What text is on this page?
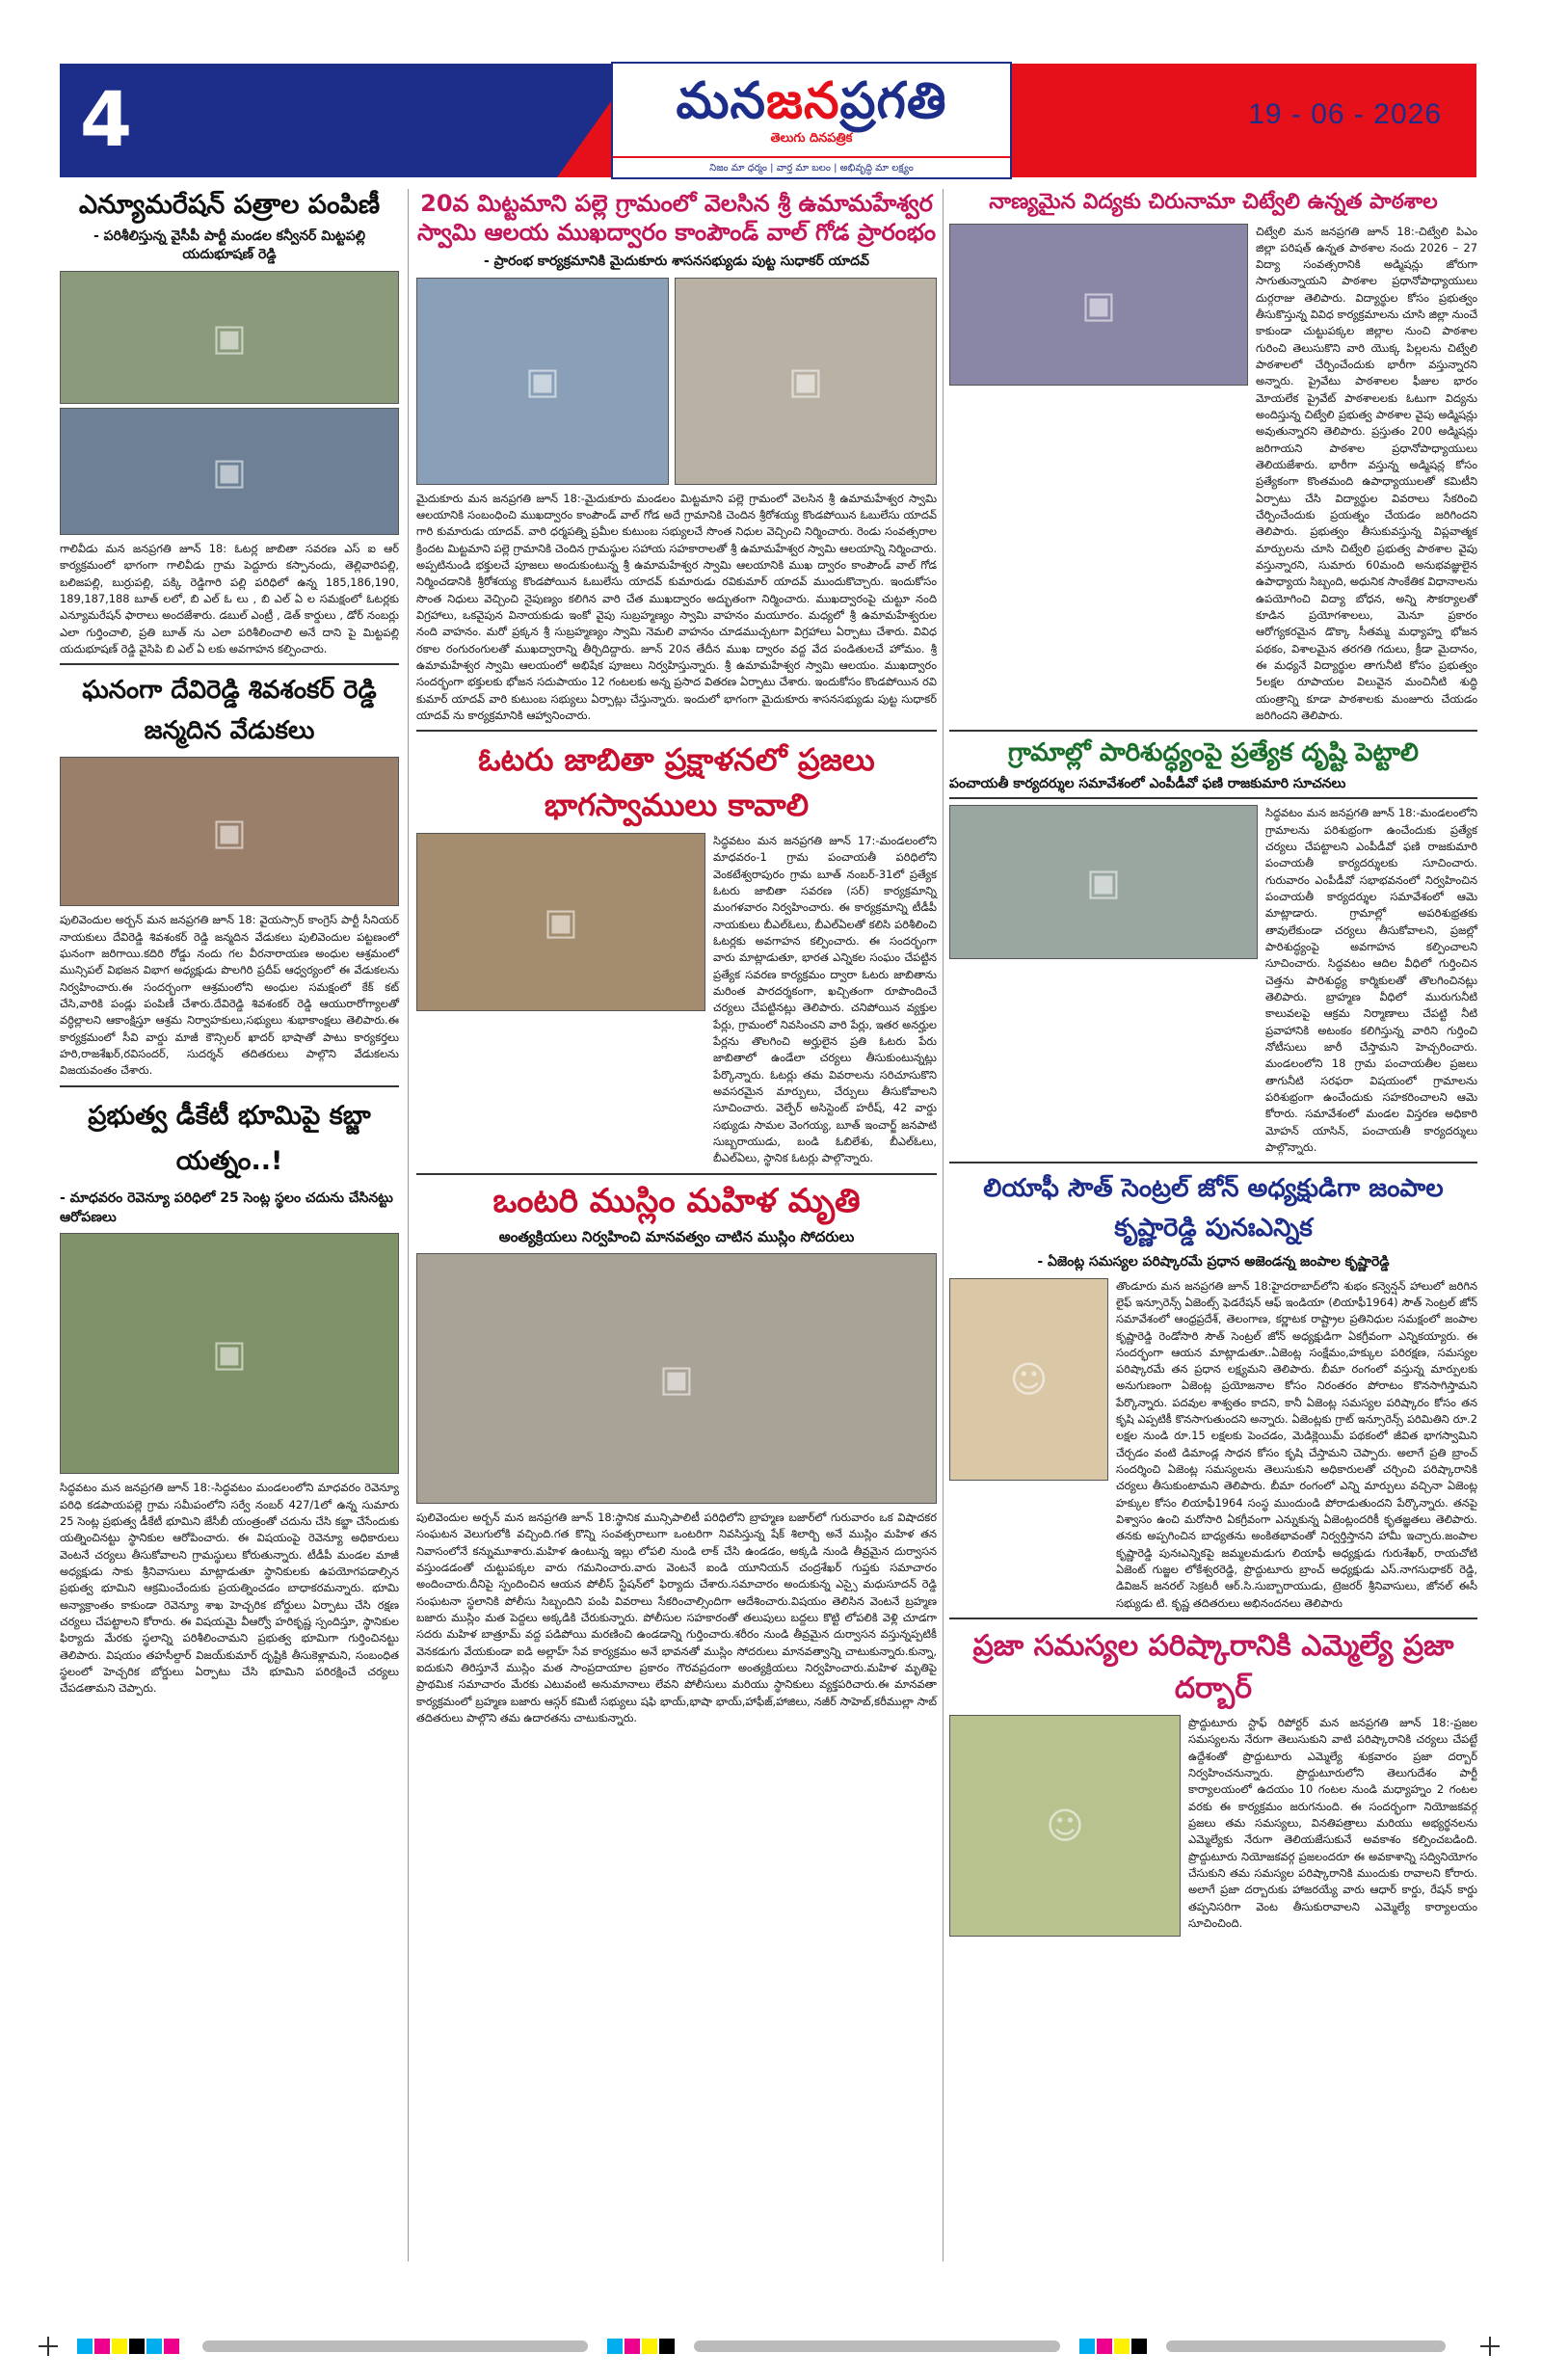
4	మనజనప్రగతి
తెలుగు దినపత్రిక
నిజం మా ధర్మం | వార్త మా బలం | అభివృద్ధి మా లక్ష్యం
19 - 06 - 2026
ఎన్యూమరేషన్ పత్రాల పంపిణీ
- పరిశీలిస్తున్న వైసీపీ పార్టీ మండల కన్వీనర్ మిట్టపల్లి యదుభూషణ్ రెడ్డి
▣
▣

గాలివీడు మన జనప్రగతి జూన్ 18: ఓటర్ల జాబితా సవరణ ఎస్ ఐ ఆర్ కార్యక్రమంలో భాగంగా గాలివీడు గ్రామ పెద్దూరు కస్పానందు, తెల్లివారిపల్లి, బలిజపల్లి, బుర్రుపల్లి, పక్కి రెడ్డిగారి పల్లి పరిధిలో ఉన్న 185,186,190, 189,187,188 బూత్ లలో, బి ఎల్ ఓ లు , బి ఎల్ ఏ ల సమక్షంలో ఓటర్లకు ఎన్యూమరేషన్ ఫారాలు అందజేశారు. డబుల్ ఎంట్రీ , డెత్ కార్డులు , డోర్ నంబర్లు ఎలా గుర్తించాలి, ప్రతి బూత్ ను ఎలా పరిశీలించాలి అనే దాని పై మిట్టపల్లి యదుభూషణ్ రెడ్డి వైసిపి బి ఎల్ ఏ లకు అవగాహన కల్పించారు.

ఘనంగా దేవిరెడ్డి శివశంకర్ రెడ్డి జన్మదిన వేడుకలు
▣

పులివెందుల అర్బన్ మన జనప్రగతి జూన్ 18: వైయస్సార్ కాంగ్రెస్ పార్టీ సీనియర్ నాయకులు దేవిరెడ్డి శివశంకర్ రెడ్డి జన్మదిన వేడుకలు పులివెందుల పట్టణంలో ఘనంగా జరిగాయి.కదిరి రోడ్డు నందు గల వీరనారాయణ అంధుల ఆశ్రమంలో మున్సిపల్ విభజన విభాగ అధ్యక్షుడు పొలగిరి ప్రదీప్ ఆధ్వర్యంలో ఈ వేడుకలను నిర్వహించారు.ఈ సందర్భంగా ఆశ్రమంలోని అంధుల సమక్షంలో కేక్ కట్ చేసి,వారికి పండ్లు పంపిణీ చేశారు.దేవిరెడ్డి శివశంకర్ రెడ్డి ఆయురారోగ్యాలతో వర్ధిల్లాలని ఆకాంక్షిస్తూ ఆశ్రమ నిర్వాహకులు,సభ్యులు శుభాకాంక్షలు తెలిపారు.ఈ కార్యక్రమంలో సీవి వార్డు మాజీ కౌన్సిలర్ ఖాదర్ భాషాతో పాటు కార్యకర్తలు హరి,రాజశేఖర్,రవిసందర్, సుదర్శన్ తదితరులు పాల్గొని వేడుకలను విజయవంతం చేశారు.

ప్రభుత్వ డీకేటీ భూమిపై కబ్జా యత్నం..!
- మాధవరం రెవెన్యూ పరిధిలో 25 సెంట్ల స్థలం చదును చేసినట్టు ఆరోపణలు
▣

సిద్ధవటం మన జనప్రగతి జూన్ 18:-సిద్ధవటం మండలంలోని మాధవరం రెవెన్యూ పరిధి కడపాయపల్లె గ్రామ సమీపంలోని సర్వే నంబర్ 427/1లో ఉన్న సుమారు 25 సెంట్ల ప్రభుత్వ డీకేటీ భూమిని జేసీబీ యంత్రంతో చదును చేసి కబ్జా చేసేందుకు యత్నించినట్టు స్థానికుల ఆరోపించారు. ఈ విషయంపై రెవెన్యూ అధికారులు వెంటనే చర్యలు తీసుకోవాలని గ్రామస్థులు కోరుతున్నారు. టీడీపీ మండల మాజీ అధ్యక్షుడు సాకు శ్రీనివాసులు మాట్లాడుతూ స్థానికులకు ఉపయోగపడాల్సిన ప్రభుత్వ భూమిని ఆక్రమించేందుకు ప్రయత్నించడం బాధాకరమన్నారు. భూమి అన్యాక్రాంతం కాకుండా రెవెన్యూ శాఖ హెచ్చరిక బోర్డులు ఏర్పాటు చేసి రక్షణ చర్యలు చేపట్టాలని కోరారు. ఈ విషయమై వీఆర్వో హరికృష్ణ స్పందిస్తూ, స్థానికుల ఫిర్యాదు మేరకు స్థలాన్ని పరిశీలించామని ప్రభుత్వ భూమిగా గుర్తించినట్టు తెలిపారు. విషయం తహసీల్దార్ విజయ్‌కుమార్ దృష్టికి తీసుకెళ్లామని, సంబంధిత స్థలంలో హెచ్చరిక బోర్డులు ఏర్పాటు చేసి భూమిని పరిరక్షించే చర్యలు చేపడతామని చెప్పారు.

20వ మిట్టమాని పల్లె గ్రామంలో వెలసిన శ్రీ ఉమామహేశ్వర స్వామి ఆలయ ముఖద్వారం కాంపౌండ్ వాల్ గోడ ప్రారంభం
- ప్రారంభ కార్యక్రమానికి మైదుకూరు శాసనసభ్యుడు పుట్ట సుధాకర్ యాదవ్
▣	▣

మైదుకూరు మన జనప్రగతి జూన్ 18:-మైదుకూరు మండలం మిట్టమాని పల్లె గ్రామంలో వెలసిన శ్రీ ఉమామహేశ్వర స్వామి ఆలయానికి సంబంధించి ముఖద్వారం కాంపౌండ్ వాల్ గోడ అదే గ్రామానికి చెందిన శ్రీరోశయ్య కొండపోయిన ఓబులేసు యాదవ్ గారి కుమారుడు యాదవ్. వారి ధర్మపత్ని ప్రమీల కుటుంబ సభ్యులచే సొంత నిధుల వెచ్చించి నిర్మించారు. రెండు సంవత్సరాల క్రిందట మిట్టమాని పల్లె గ్రామానికి చెందిన గ్రామస్థుల సహాయ సహకారాలతో శ్రీ ఉమామహేశ్వర స్వామి ఆలయాన్ని నిర్మించారు. అప్పటినుండి భక్తులచే పూజలు అందుకుంటున్న శ్రీ ఉమామహేశ్వర స్వామి ఆలయానికి ముఖ ద్వారం కాంపౌండ్ వాల్ గోడ నిర్మించడానికి శ్రీరోశయ్య కొండపోయిన ఓబులేసు యాదవ్ కుమారుడు రవికుమార్ యాదవ్ ముందుకొచ్చారు. ఇందుకోసం సొంత నిధులు వెచ్చించి నైపుణ్యం కలిగిన వారి చేత ముఖద్వారం అద్భుతంగా నిర్మించారు. ముఖద్వారంపై చుట్టూ నంది విగ్రహాలు, ఒకవైపున వినాయకుడు ఇంకో వైపు సుబ్రహ్మణ్యం స్వామి వాహనం మయూరం. మధ్యలో శ్రీ ఉమామహేశ్వరుల నంది వాహనం. మరో ప్రక్కన శ్రీ సుబ్రహ్మణ్యం స్వామి నెమలి వాహనం చూడముచ్చటగా విగ్రహాలు ఏర్పాటు చేశారు. వివిధ రకాల రంగురంగులతో ముఖద్వారాన్ని తీర్చిదిద్దారు. జూన్ 20న తేదీన ముఖ ద్వారం వద్ద వేద పండితులచే హోమం. శ్రీ ఉమామహేశ్వర స్వామి ఆలయంలో అభిషేక పూజలు నిర్వహిస్తున్నారు. శ్రీ ఉమామహేశ్వర స్వామి ఆలయం. ముఖద్వారం సందర్భంగా భక్తులకు భోజన సదుపాయం 12 గంటలకు అన్న ప్రసాద వితరణ ఏర్పాటు చేశారు. ఇందుకోసం కొండపోయిన రవి కుమార్ యాదవ్ వారి కుటుంబ సభ్యులు ఏర్పాట్లు చేస్తున్నారు. ఇందులో భాగంగా మైదుకూరు శాసనసభ్యుడు పుట్ట సుధాకర్ యాదవ్ ను కార్యక్రమానికి ఆహ్వానించారు.

ఓటరు జాబితా ప్రక్షాళనలో ప్రజలు భాగస్వాములు కావాలి
▣

సిద్ధవటం మన జనప్రగతి జూన్ 17:-మండలంలోని మాధవరం-1 గ్రామ పంచాయతీ పరిధిలోని వెంకటేశ్వరాపురం గ్రామ బూత్ నంబర్-31లో ప్రత్యేక ఓటరు జాబితా సవరణ (సర్) కార్యక్రమాన్ని మంగళవారం నిర్వహించారు. ఈ కార్యక్రమాన్ని టీడీపీ నాయకులు బీఎల్ఓలు, బీఎల్ఏలతో కలిసి పరిశీలించి ఓటర్లకు అవగాహన కల్పించారు. ఈ సందర్భంగా వారు మాట్లాడుతూ, భారత ఎన్నికల సంఘం చేపట్టిన ప్రత్యేక సవరణ కార్యక్రమం ద్వారా ఓటరు జాబితాను మరింత పారదర్శకంగా, ఖచ్చితంగా రూపొందించే చర్యలు చేపట్టినట్లు తెలిపారు. చనిపోయిన వ్యక్తుల పేర్లు, గ్రామంలో నివసించని వారి పేర్లు, ఇతర అనర్హుల పేర్లను తొలగించి అర్హులైన ప్రతి ఓటరు పేరు జాబితాలో ఉండేలా చర్యలు తీసుకుంటున్నట్లు పేర్కొన్నారు. ఓటర్లు తమ వివరాలను సరిచూసుకొని అవసరమైన మార్పులు, చేర్పులు తీసుకోవాలని సూచించారు. వెల్ఫేర్ అసిస్టెంట్ హరీష్, 42 వార్డు సభ్యుడు సామల వెంగయ్య, బూత్ ఇంచార్జ్ జనపాటి సుబ్బరాయుడు, బండి ఓబిలేశు, బీఎల్ఓలు, బీఎల్ఏలు, స్థానిక ఓటర్లు పాల్గొన్నారు.

ఒంటరి ముస్లిం మహిళ మృతి
అంత్యక్రియలు నిర్వహించి మానవత్వం చాటిన ముస్లిం సోదరులు
▣

పులివెందుల అర్బన్ మన జనప్రగతి జూన్ 18:స్థానిక మున్సిపాలిటీ పరిధిలోని బ్రాహ్మణ బజార్‌లో గురువారం ఒక విషాదకర సంఘటన వెలుగులోకి వచ్చింది.గత కొన్ని సంవత్సరాలుగా ఒంటరిగా నివసిస్తున్న షేక్ శిలార్బి అనే ముస్లిం మహిళ తన నివాసంలోనే కన్నుమూశారు.మహిళ ఉంటున్న ఇల్లు లోపలి నుండి లాక్ చేసి ఉండడం, అక్కడి నుండి తీవ్రమైన దుర్వాసన వస్తుండడంతో చుట్టుపక్కల వారు గమనించారు.వారు వెంటనే ఐండి యూనియన్ చంద్రశేఖర్ గుప్తకు సమాచారం అందించారు.దీనిపై స్పందించిన ఆయన పోలీస్ స్టేషన్‌లో ఫిర్యాదు చేశారు.సమాచారం అందుకున్న ఎస్సై మధుసూదన్ రెడ్డి సంఘటనా స్థలానికి పోలీసు సిబ్బందిని పంపి వివరాలు సేకరించాల్సిందిగా ఆదేశించారు.విషయం తెలిసిన వెంటనే బ్రహ్మణ బజారు ముస్లిం మత పెద్దలు అక్కడికి చేరుకున్నారు. పోలీసుల సహకారంతో తలుపులు బద్దలు కొట్టి లోపలికి వెళ్లి చూడగా సదరు మహిళ బాత్రూమ్ వద్ద పడిపోయి మరణించి ఉండడాన్ని గుర్తించారు.శరీరం నుండి తీవ్రమైన దుర్వాసన వస్తున్నప్పటికీ వెనకడుగు వేయకుండా ఐడి అల్లాహ్ సేవ కార్యక్రమం అనే భావనతో ముస్లిం సోదరులు మానవత్వాన్ని చాటుకున్నారు.కున్నా, ఐదుకుని తిరిస్తూనే ముస్లిం మత సాంప్రదాయాల ప్రకారం గౌరవప్రదంగా అంత్యక్రియలు నిర్వహించారు.మహిళ మృతిపై ప్రాథమిక సమాచారం మేరకు ఎటువంటి అనుమానాలు లేవని పోలీసులు మరియు స్థానికులు వ్యక్తపరిచారు.ఈ మానవతా కార్యక్రమంలో బ్రహ్మణ బజారు ఆస్గర్ కమిటీ సభ్యులు షఫి భాయ్,భాషా భాయ్,హాఫీజ్,హాజిలు, నజీర్ సాహెబ్,కరీముల్లా సాబ్ తదితరులు పాల్గొని తమ ఉదారతను చాటుకున్నారు.

నాణ్యమైన విద్యకు చిరునామా చిట్వేలి ఉన్నత పాఠశాల
▣

చిట్వేలి మన జనప్రగతి జూన్ 18:-చిట్వేలి పిఎం జిల్లా పరిషత్ ఉన్నత పాఠశాల నందు 2026 – 27 విద్యా సంవత్సరానికి అడ్మిషన్లు జోరుగా సాగుతున్నాయని పాఠశాల ప్రధానోపాధ్యాయులు దుర్గరాజు తెలిపారు. విద్యార్థుల కోసం ప్రభుత్వం తీసుకొస్తున్న వివిధ కార్యక్రమాలను చూసి జిల్లా నుంచే కాకుండా చుట్టుపక్కల జిల్లాల నుంచి పాఠశాల గురించి తెలుసుకొని వారి యొక్క పిల్లలను చిట్వేలి పాఠశాలలో చేర్పించేందుకు భారీగా వస్తున్నారని అన్నారు. ప్రైవేటు పాఠశాలల ఫీజుల భారం మోయలేక ప్రైవేట్ పాఠశాలలకు ఓటుగా విద్యను అందిస్తున్న చిట్వేలి ప్రభుత్వ పాఠశాల వైపు అడ్మిషన్లు అవుతున్నారని తెలిపారు. ప్రస్తుతం 200 అడ్మిషన్లు జరిగాయని పాఠశాల ప్రధానోపాధ్యాయులు తెలియజేశారు. భారీగా వస్తున్న అడ్మిషన్ల కోసం ప్రత్యేకంగా కొంతమంది ఉపాధ్యాయులతో కమిటీని ఏర్పాటు చేసి విద్యార్థుల వివరాలు సేకరించి చేర్పించేందుకు ప్రయత్నం చేయడం జరిగిందని తెలిపారు. ప్రభుత్వం తీసుకువస్తున్న విప్లవాత్మక మార్పులను చూసి చిట్వేలి ప్రభుత్వ పాఠశాల వైపు వస్తున్నారని, సుమారు 60మంది అనుభవజ్ఞులైన ఉపాధ్యాయ సిబ్బంది, అధునిక సాంకేతిక విధానాలను ఉపయోగించి విద్యా బోధన, అన్ని సౌకర్యాలతో కూడిన ప్రయోగశాలలు, మెనూ ప్రకారం ఆరోగ్యకరమైన డొక్కా సీతమ్మ మధ్యాహ్న భోజన పథకం, విశాలమైన తరగతి గదులు, క్రీడా మైదానం, ఈ మధ్యనే విద్యార్థుల తాగునీటి కోసం ప్రభుత్వం 5లక్షల రూపాయల విలువైన మంచినీటి శుద్ధి యంత్రాన్ని కూడా పాఠశాలకు మంజూరు చేయడం జరిగిందని తెలిపారు.

గ్రామాల్లో పారిశుద్ధ్యంపై ప్రత్యేక దృష్టి పెట్టాలి
పంచాయతీ కార్యదర్శుల సమావేశంలో ఎంపీడీవో ఫణి రాజకుమారి సూచనలు
▣

సిద్ధవటం మన జనప్రగతి జూన్ 18:-మండలంలోని గ్రామాలను పరిశుభ్రంగా ఉంచేందుకు ప్రత్యేక చర్యలు చేపట్టాలని ఎంపీడీవో ఫణి రాజకుమారి పంచాయతీ కార్యదర్శులకు సూచించారు. గురువారం ఎంపీడీవో సభాభవనంలో నిర్వహించిన పంచాయతీ కార్యదర్శుల సమావేశంలో ఆమె మాట్లాడారు. గ్రామాల్లో అపరిశుభ్రతకు తావులేకుండా చర్యలు తీసుకోవాలని, ప్రజల్లో పారిశుద్ధ్యంపై అవగాహన కల్పించాలని సూచించారు. సిద్ధవటం ఆదిల వీధిలో గుర్తించిన చెత్తను పారిశుద్ధ్య కార్మికులతో తొలగించినట్లు తెలిపారు. బ్రాహ్మణ వీధిలో మురుగునీటి కాలువలపై ఆక్రమ నిర్మాణాలు చేపట్టి నీటి ప్రవాహానికి అటంకం కలిగిస్తున్న వారిని గుర్తించి నోటీసులు జారీ చేస్తామని హెచ్చరించారు. మండలంలోని 18 గ్రామ పంచాయతీల ప్రజలు తాగునీటి సరఫరా విషయంలో గ్రామాలను పరిశుభ్రంగా ఉంచేందుకు సహకరించాలని ఆమె కోరారు. సమావేశంలో మండల విస్తరణ అధికారి మోహన్ యాసిన్, పంచాయతీ కార్యదర్శులు పాల్గొన్నారు.

లియాఫీ సౌత్ సెంట్రల్ జోన్ అధ్యక్షుడిగా జంపాల కృష్ణారెడ్డి పునఃఎన్నిక
- ఏజెంట్ల సమస్యల పరిష్కారమే ప్రధాన అజెండన్న జంపాల కృష్ణారెడ్డి
☺

తొండూరు మన జనప్రగతి జూన్ 18:హైదరాబాద్‌లోని శుభం కన్వెన్షన్ హాలులో జరిగిన లైఫ్ ఇన్సూరెన్స్ ఏజెంట్స్ ఫెడరేషన్ ఆఫ్ ఇండియా (లియాఫీ1964) సౌత్ సెంట్రల్ జోన్ సమావేశంలో ఆంధ్రప్రదేశ్, తెలంగాణ, కర్ణాటక రాష్ట్రాల ప్రతినిధుల సమక్షంలో జంపాల కృష్ణారెడ్డి రెండోసారి సౌత్ సెంట్రల్ జోన్ అధ్యక్షుడిగా ఏకగ్రీవంగా ఎన్నికయ్యారు. ఈ సందర్భంగా ఆయన మాట్లాడుతూ..ఏజెంట్ల సంక్షేమం,హక్కుల పరిరక్షణ, సమస్యల పరిష్కారమే తన ప్రధాన లక్ష్యమని తెలిపారు. బీమా రంగంలో వస్తున్న మార్పులకు అనుగుణంగా ఏజెంట్ల ప్రయోజనాల కోసం నిరంతరం పోరాటం కొనసాగిస్తామని పేర్కొన్నారు. పదవుల శాశ్వతం కాదని, కానీ ఏజెంట్ల సమస్యల పరిష్కారం కోసం తన కృషి ఎప్పటికీ కొనసాగుతుందని అన్నారు. ఏజెంట్లకు గ్రాట్ ఇన్సూరెన్స్ పరిమితిని రూ.2 లక్షల నుండి రూ.15 లక్షలకు పెంచడం, మెడిక్లెయిమ్ పథకంలో జీవిత భాగస్వామిని చేర్చడం వంటి డిమాండ్ల సాధన కోసం కృషి చేస్తామని చెప్పారు. అలాగే ప్రతి బ్రాంచ్ సందర్శించి ఏజెంట్ల సమస్యలను తెలుసుకుని అధికారులతో చర్చించి పరిష్కారానికి చర్యలు తీసుకుంటామని తెలిపారు. బీమా రంగంలో ఎన్ని మార్పులు వచ్చినా ఏజెంట్ల హక్కుల కోసం లియాఫీ1964 సంస్థ ముందుండి పోరాడుతుందని పేర్కొన్నారు. తనపై విశ్వాసం ఉంచి మరోసారి ఏకగ్రీవంగా ఎన్నుకున్న ఏజెంట్లందరికీ కృతజ్ఞతలు తెలిపారు. తనకు అప్పగించిన బాధ్యతను అంకితభావంతో నిర్వర్తిస్తానని హామీ ఇచ్చారు.జంపాల కృష్ణారెడ్డి పునఃఎన్నికపై జమ్మలమడుగు లియాఫీ అధ్యక్షుడు గురుశేఖర్, రాయచోటి ఏజెంట్ గుజ్జల లోకేశ్వరరెడ్డి, ప్రొద్దుటూరు బ్రాంచ్ అధ్యక్షుడు ఎస్.నాగసుధాకర్ రెడ్డి, డివిజన్ జనరల్ సెక్రటరీ ఆర్.సి.సుబ్బారాయుడు, ట్రెజరర్ శ్రీనివాసులు, జోనల్ ఈసీ సభ్యుడు టి. కృష్ణ తదితరులు అభినందనలు తెలిపారు

ప్రజా సమస్యల పరిష్కారానికి ఎమ్మెల్యే ప్రజా దర్బార్
☺

ప్రొద్దుటూరు స్టాఫ్ రిపోర్టర్ మన జనప్రగతి జూన్ 18:-ప్రజల సమస్యలను నేరుగా తెలుసుకుని వాటి పరిష్కారానికి చర్యలు చేపట్టే ఉద్దేశంతో ప్రొద్దుటూరు ఎమ్మెల్యే శుక్రవారం ప్రజా దర్బార్ నిర్వహించనున్నారు. ప్రొద్దుటూరులోని తెలుగుదేశం పార్టీ కార్యాలయంలో ఉదయం 10 గంటల నుండి మధ్యాహ్నం 2 గంటల వరకు ఈ కార్యక్రమం జరుగనుంది. ఈ సందర్భంగా నియోజకవర్గ ప్రజలు తమ సమస్యలు, వినతిపత్రాలు మరియు అభ్యర్థనలను ఎమ్మెల్యేకు నేరుగా తెలియజేసుకునే అవకాశం కల్పించబడింది. ప్రొద్దుటూరు నియోజకవర్గ ప్రజలందరూ ఈ అవకాశాన్ని సద్వినియోగం చేసుకుని తమ సమస్యల పరిష్కారానికి ముందుకు రావాలని కోరారు. అలాగే ప్రజా దర్బారుకు హాజరయ్యే వారు ఆధార్ కార్డు, రేషన్ కార్డు తప్పనిసరిగా వెంట తీసుకురావాలని ఎమ్మెల్యే కార్యాలయం సూచించింది.
